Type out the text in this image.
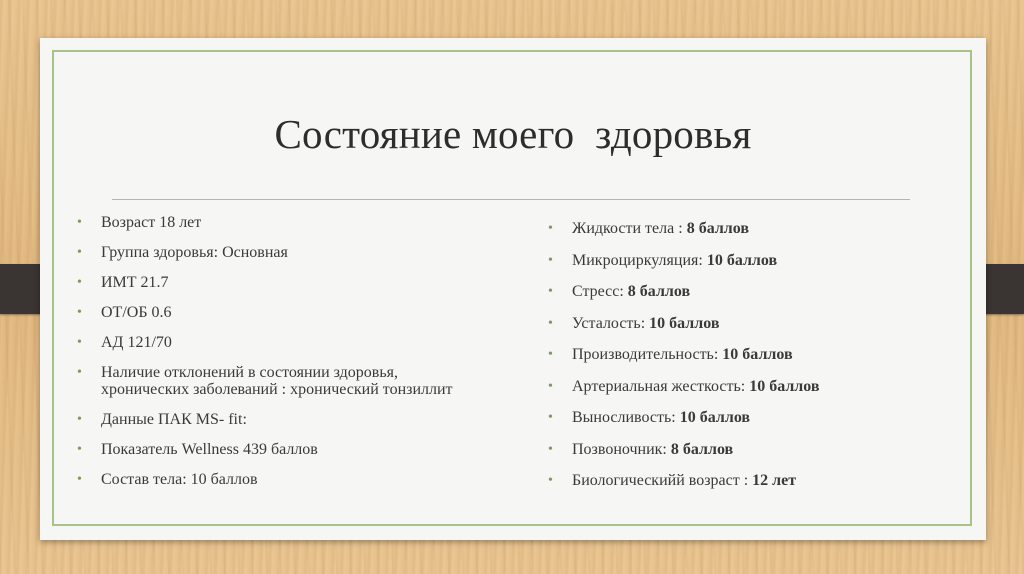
Состояние моего  здоровья
• Возраст 18 лет
• Группа здоровья: Основная
• ИМТ 21.7
• ОТ/ОБ 0.6
• АД 121/70
• Наличие отклонений в состоянии здоровья, хронических заболеваний : хронический тонзиллит
• Данные ПАК MS- fit:
• Показатель Wellness 439 баллов
• Состав тела: 10 баллов
• Жидкости тела : 8 баллов
• Микроциркуляция: 10 баллов
• Стресс: 8 баллов
• Усталость: 10 баллов
• Производительность: 10 баллов
• Артериальная жесткость: 10 баллов
• Выносливость: 10 баллов
• Позвоночник: 8 баллов
• Биологическийй возраст : 12 лет
